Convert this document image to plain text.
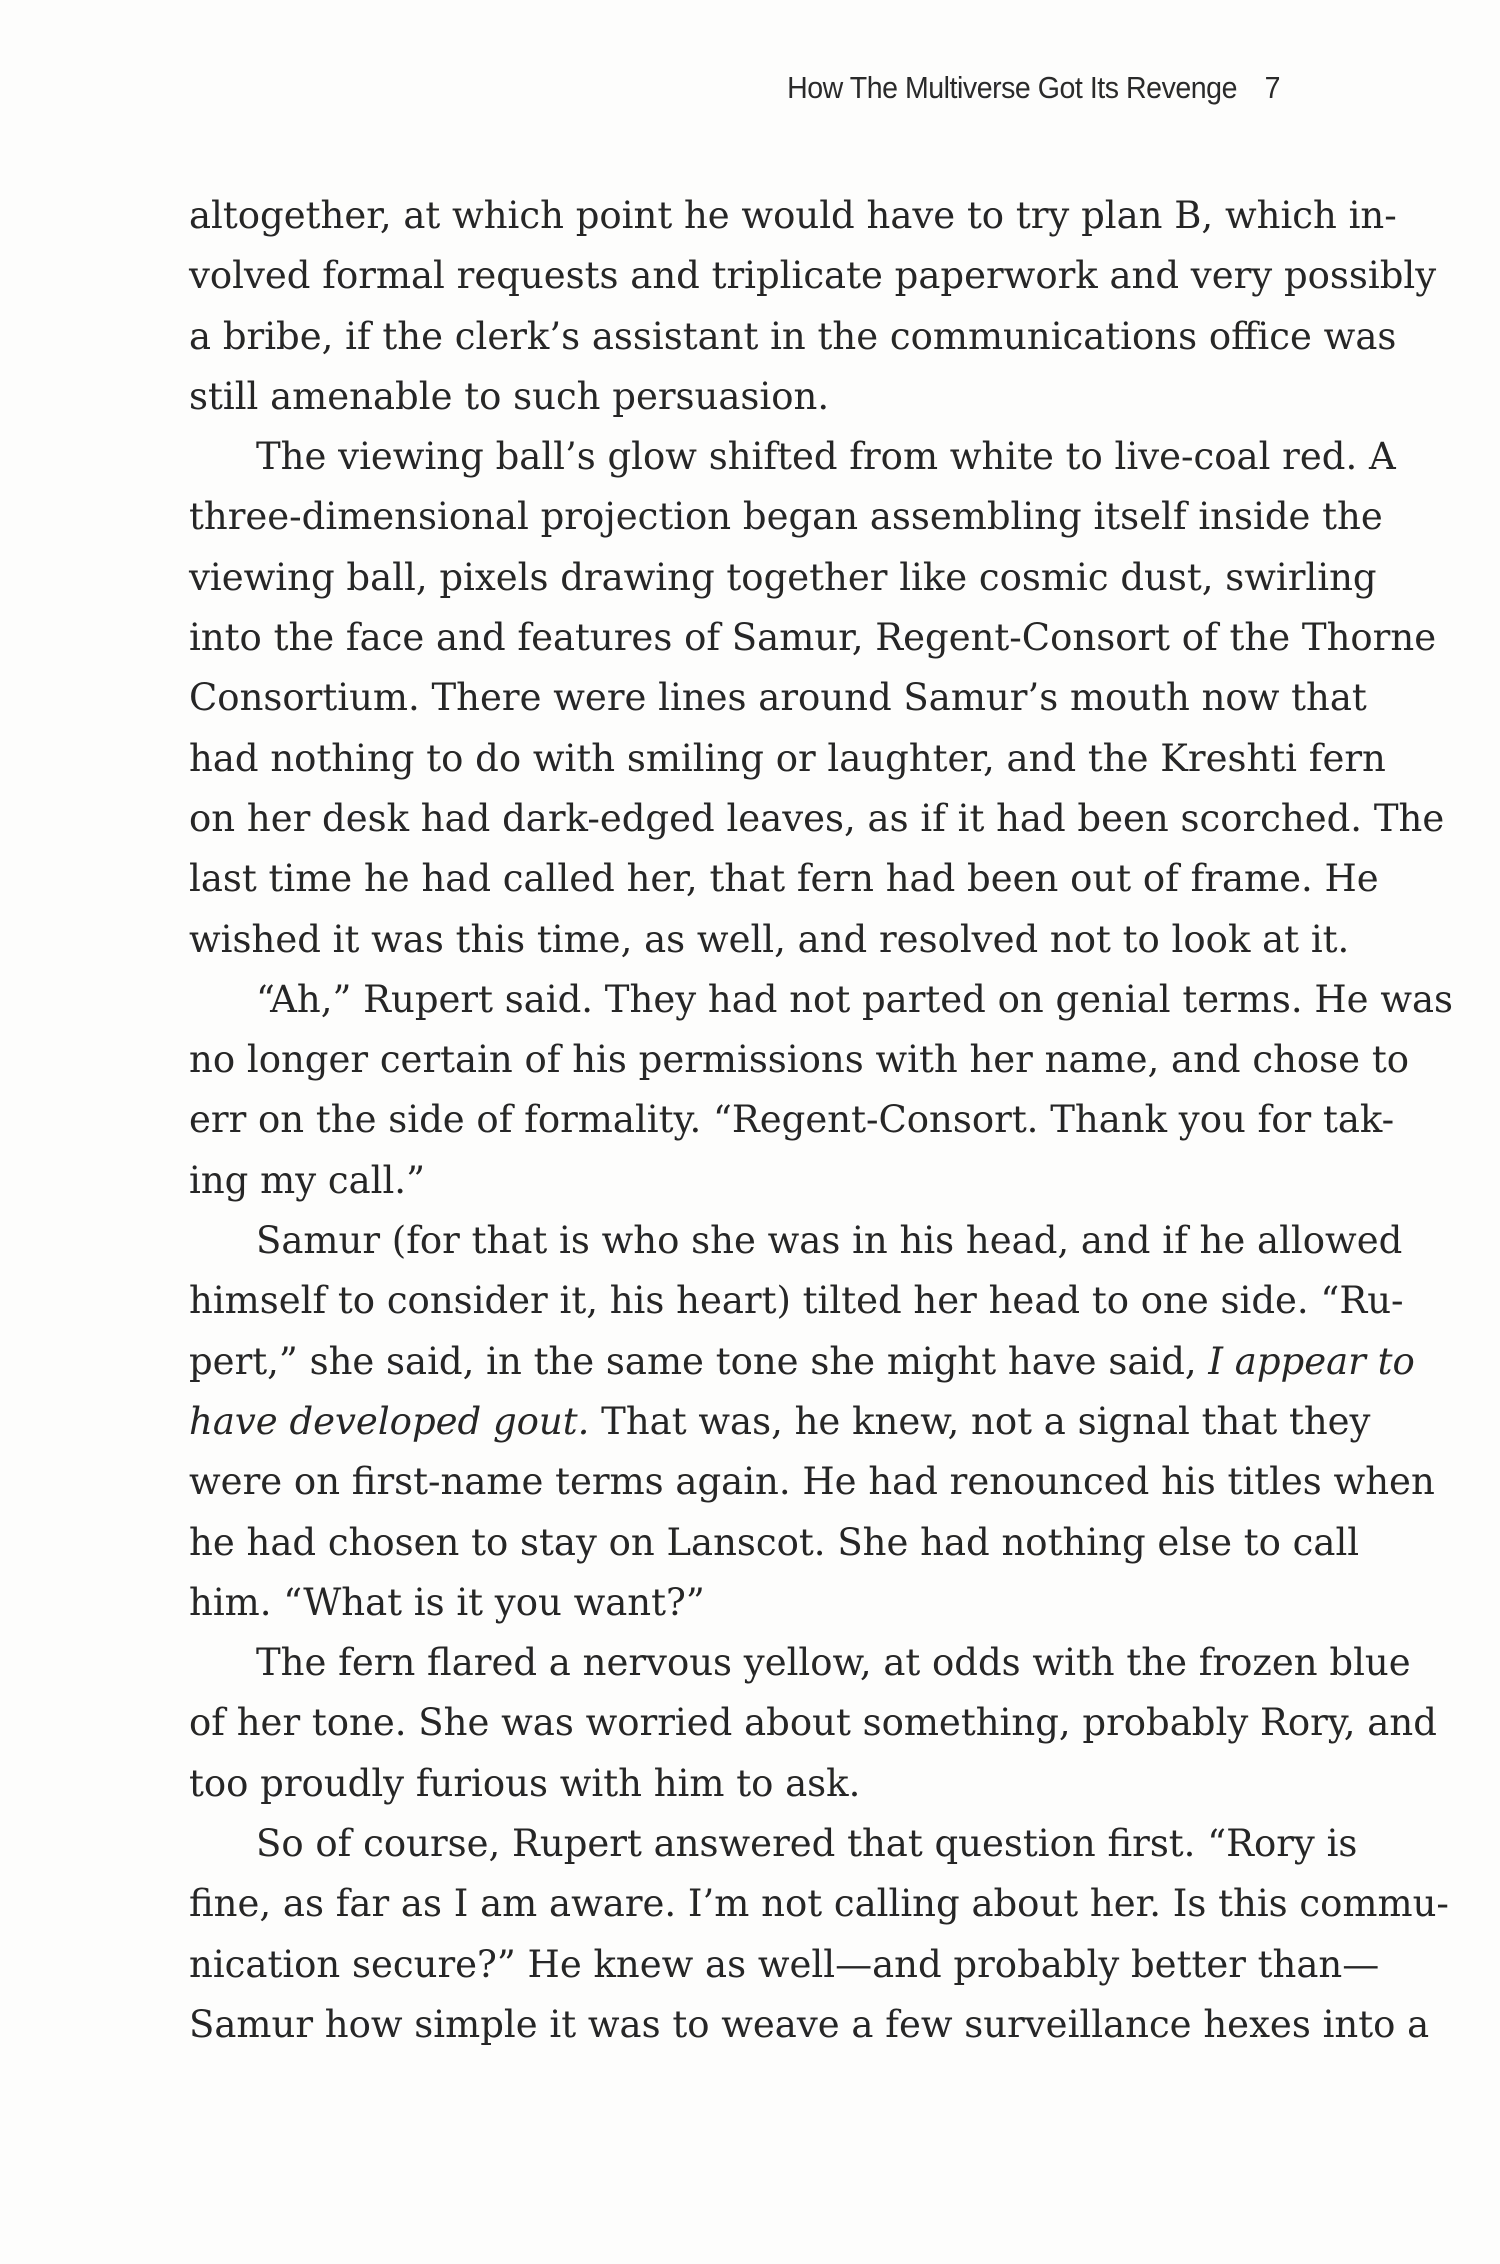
How The Multiverse Got Its Revenge 7

altogether, at which point he would have to try plan B, which in-
volved formal requests and triplicate paperwork and very possibly
a bribe, if the clerk’s assistant in the communications office was
still amenable to such persuasion.

The viewing ball’s glow shifted from white to live-coal red. A
three-dimensional projection began assembling itself inside the
viewing ball, pixels drawing together like cosmic dust, swirling
into the face and features of Samur, Regent-Consort of the Thorne
Consortium. There were lines around Samur’s mouth now that
had nothing to do with smiling or laughter, and the Kreshti fern
on her desk had dark-edged leaves, as if it had been scorched. The
last time he had called her, that fern had been out of frame. He
wished it was this time, as well, and resolved not to look at it.

“Ah,” Rupert said. They had not parted on genial terms. He was
no longer certain of his permissions with her name, and chose to
err on the side of formality. “Regent-Consort. Thank you for tak-
ing my call.”

Samur (for that is who she was in his head, and if he allowed
himself to consider it, his heart) tilted her head to one side. “Ru-
pert,” she said, in the same tone she might have said, I appear to
have developed gout. That was, he knew, not a signal that they
were on first-name terms again. He had renounced his titles when
he had chosen to stay on Lanscot. She had nothing else to call
him. “What is it you want?”

The fern flared a nervous yellow, at odds with the frozen blue
of her tone. She was worried about something, probably Rory, and
too proudly furious with him to ask.

So of course, Rupert answered that question first. “Rory is
fine, as far as I am aware. I’m not calling about her. Is this commu-
nication secure?” He knew as well—and probably better than—
Samur how simple it was to weave a few surveillance hexes into a
